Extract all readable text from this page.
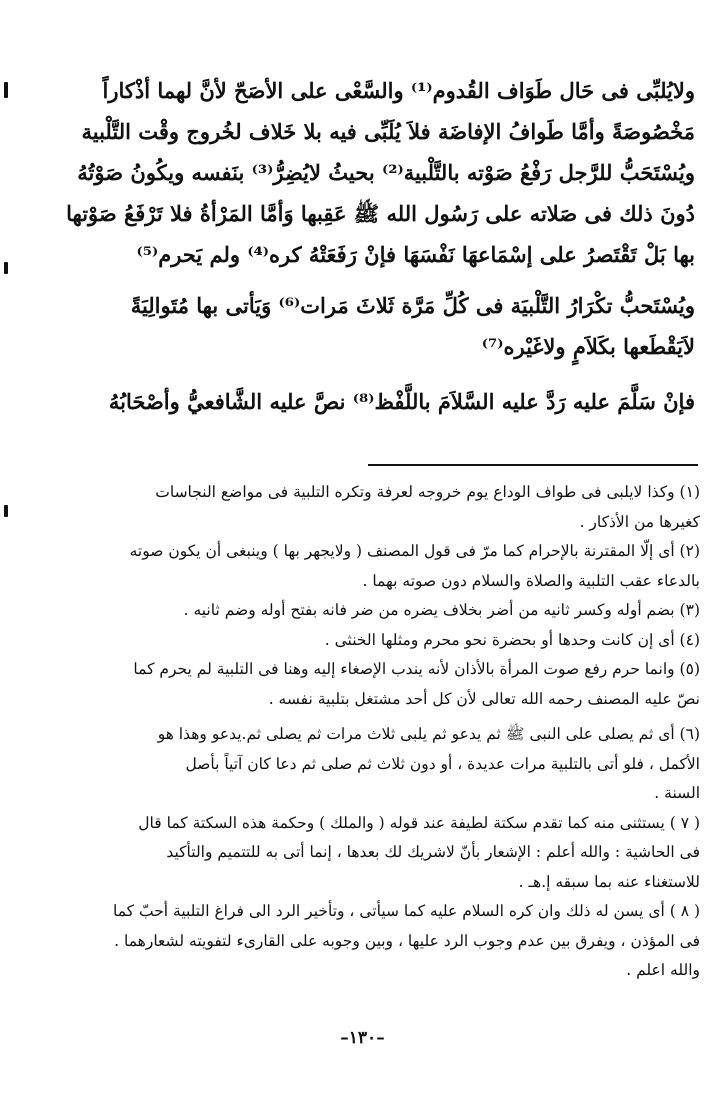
ولايُلبِّى فى حَال طَوَاف القُدوم⁽¹⁾ والسَّعْى على الأصَحّ لأنَّ لهما أذْكاراً

مَخْصُوصَةً وأمَّا طَوافُ الإفاضَة فلاَ يُلَبِّى فيه بلا خَلاف لخُروج وقْت التَّلْبية

ويُسْتَحَبُّ للرَّجل رَفْعُ صَوْته بالتَّلْبية⁽²⁾ بحيثُ لايُضِرُّ⁽³⁾ بنَفسه ويكُونُ صَوْتُهُ

دُونَ ذلك فى صَلاته على رَسُول الله ﷺ عَقِبها وَأمَّا المَرْأةُ فلا تَرْفَعُ صَوْتها

بها بَلْ تَقْتَصرُ على إسْمَاعهَا نَفْسَهَا فإنْ رَفَعَتْهُ كره⁽⁴⁾ ولم يَحرم⁽⁵⁾

ويُسْتَحبُّ تكْرَارُ التَّلْبيَة فى كُلِّ مَرَّة ثَلاثَ مَرات⁽⁶⁾ وَيَأتى بها مُتَوالِيَةً

لاَيَقْطَعها بكَلاَمٍ ولاغَيْره⁽⁷⁾

فإنْ سَلَّمَ عليه رَدَّ عليه السَّلاَمَ باللَّفْظ⁽⁸⁾ نصَّ عليه الشَّافعيُّ وأصْحَابُهُ

(١) وكذا لايلبى فى طواف الوداع يوم خروجه لعرفة وتكره التلبية فى مواضع النجاسات

كغيرها من الأذكار .

(٢) أى إلّا المقترنة بالإحرام كما مرّ فى قول المصنف ( ولايجهر بها ) وينبغى أن يكون صوته

بالدعاء عقب التلبية والصلاة والسلام دون صوته بهما .

(٣) بضم أوله وكسر ثانيه من أضر بخلاف يضره من ضر فانه بفتح أوله وضم ثانيه .

(٤) أى إن كانت وحدها أو بحضرة نحو محرم ومثلها الخنثى .

(٥) وانما حرم رفع صوت المرأة بالأذان لأنه يندب الإصغاء إليه وهنا فى التلبية لم يحرم كما

نصّ عليه المصنف رحمه الله تعالى لأن كل أحد مشتغل بتلبية نفسه .

(٦) أى ثم يصلى على النبى ﷺ ثم يدعو ثم يلبى ثلاث مرات ثم يصلى ثم.يدعو وهذا هو

الأكمل ، فلو أتى بالتلبية مرات عديدة ، أو دون ثلاث ثم صلى ثم دعا كان آتياً بأصل

السنة .

( ٧ ) يستثنى منه كما تقدم سكتة لطيفة عند قوله ( والملك ) وحكمة هذه السكتة كما قال

فى الحاشية : والله أعلم : الإشعار بأنّ لاشريك لك بعدها ، إنما أتى به للتتميم والتأكيد

للاستغناء عنه بما سبقه إ.هـ .

( ٨ ) أى يسن له ذلك وان كره السلام عليه كما سيأتى ، وتأخير الرد الى فراغ التلبية أحبّ كما

فى المؤذن ، ويفرق بين عدم وجوب الرد عليها ، وبين وجوبه على القارىء لتفويته لشعارهما .

والله اعلم .

–١٣٠–
